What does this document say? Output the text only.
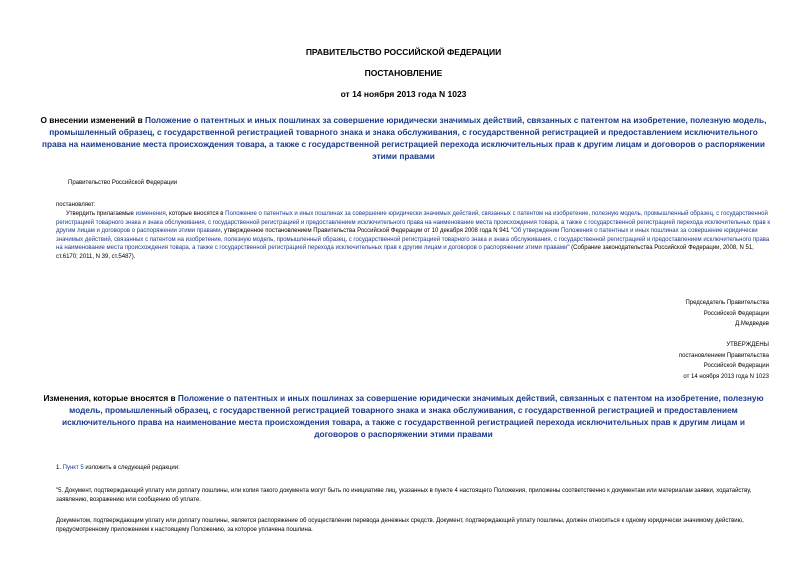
ПРАВИТЕЛЬСТВО РОССИЙСКОЙ ФЕДЕРАЦИИ
ПОСТАНОВЛЕНИЕ
от 14 ноября 2013 года N 1023
О внесении изменений в Положение о патентных и иных пошлинах за совершение юридически значимых действий, связанных с патентом на изобретение, полезную модель, промышленный образец, с государственной регистрацией товарного знака и знака обслуживания, с государственной регистрацией и предоставлением исключительного права на наименование места происхождения товара, а также с государственной регистрацией перехода исключительных прав к другим лицам и договоров о распоряжении этими правами
Правительство Российской Федерации
постановляет:
Утвердить прилагаемые изменения, которые вносятся в Положение о патентных и иных пошлинах за совершение юридически значимых действий, связанных с патентом на изобретение, полезную модель, промышленный образец, с государственной регистрацией товарного знака и знака обслуживания, с государственной регистрацией и предоставлением исключительного права на наименование места происхождения товара, а также с государственной регистрацией перехода исключительных прав к другим лицам и договоров о распоряжении этими правами, утвержденное постановлением Правительства Российской Федерации от 10 декабря 2008 года N 941 "Об утверждении Положения о патентных и иных пошлинах за совершение юридически значимых действий, связанных с патентом на изобретение, полезную модель, промышленный образец, с государственной регистрацией товарного знака и знака обслуживания, с государственной регистрацией и предоставлением исключительного права на наименование места происхождения товара, а также с государственной регистрацией перехода исключительных прав к другим лицам и договоров о распоряжении этими правами" (Собрание законодательства Российской Федерации, 2008, N 51, ст.6170; 2011, N 39, ст.5487).
Председатель Правительства
Российской Федерации
Д.Медведев
УТВЕРЖДЕНЫ
постановлением Правительства
Российской Федерации
от 14 ноября 2013 года N 1023
Изменения, которые вносятся в Положение о патентных и иных пошлинах за совершение юридически значимых действий, связанных с патентом на изобретение, полезную модель, промышленный образец, с государственной регистрацией товарного знака и знака обслуживания, с государственной регистрацией и предоставлением исключительного права на наименование места происхождения товара, а также с государственной регистрацией перехода исключительных прав к другим лицам и договоров о распоряжении этими правами
1. Пункт 5 изложить в следующей редакции:
"5. Документ, подтверждающий уплату или доплату пошлины, или копия такого документа могут быть по инициативе лиц, указанных в пункте 4 настоящего Положения, приложены соответственно к документам или материалам заявки, ходатайству, заявлению, возражению или сообщению об уплате.
Документом, подтверждающим уплату или доплату пошлины, является распоряжение об осуществлении перевода денежных средств. Документ, подтверждающий уплату пошлины, должен относиться к одному юридически значимому действию, предусмотренному приложением к настоящему Положению, за которое уплачена пошлина.
